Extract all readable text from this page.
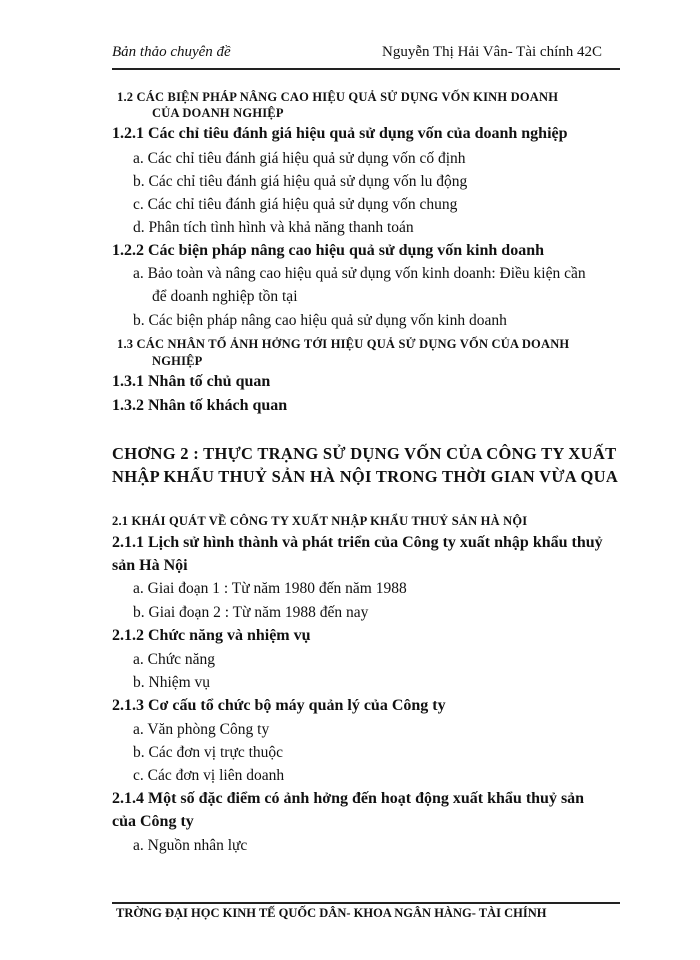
Bản thảo chuyên đề	Nguyễn Thị Hải Vân- Tài chính 42C
1.2 CÁC BIỆN PHÁP NÂNG CAO HIỆU QUẢ SỬ DỤNG VỐN KINH DOANH
CỦA DOANH NGHIỆP
1.2.1 Các chỉ tiêu đánh giá hiệu quả sử dụng vốn của doanh nghiệp
a. Các chỉ tiêu đánh giá hiệu quả sử dụng vốn cố định
b. Các chỉ tiêu đánh giá hiệu quả sử dụng vốn lu động
c. Các chỉ tiêu đánh giá hiệu quả sử dụng vốn chung
d. Phân tích tình hình và khả năng thanh toán
1.2.2 Các biện pháp nâng cao hiệu quả sử dụng vốn kinh doanh
a. Bảo toàn và nâng cao hiệu quả sử dụng vốn kinh doanh: Điều kiện cần
để doanh nghiệp tồn tại
b. Các biện pháp nâng cao hiệu quả sử dụng vốn kinh doanh
1.3 CÁC NHÂN TỐ ẢNH HỞNG TỚI HIỆU QUẢ SỬ DỤNG VỐN CỦA DOANH
NGHIỆP
1.3.1 Nhân tố chủ quan
1.3.2 Nhân tố khách quan
CHƠNG 2 : THỰC TRẠNG SỬ DỤNG VỐN CỦA CÔNG TY XUẤT
NHẬP KHẨU THUỶ SẢN HÀ NỘI TRONG THỜI GIAN VỪA QUA
2.1 KHÁI QUÁT VỀ CÔNG TY XUẤT NHẬP KHẨU THUỶ SẢN HÀ NỘI
2.1.1 Lịch sử hình thành và phát triển của Công ty xuất nhập khẩu thuỷ
sản Hà Nội
a. Giai đoạn 1 : Từ năm 1980 đến năm 1988
b. Giai đoạn 2 : Từ năm 1988 đến nay
2.1.2 Chức năng và nhiệm vụ
a. Chức năng
b. Nhiệm vụ
2.1.3 Cơ cấu tổ chức bộ máy quản lý của Công ty
a. Văn phòng Công ty
b. Các đơn vị trực thuộc
c. Các đơn vị liên doanh
2.1.4 Một số đặc điểm có ảnh hởng đến hoạt động xuất khẩu thuỷ sản
của Công ty
a. Nguồn nhân lực
TRỜNG ĐẠI HỌC KINH TẾ QUỐC DÂN- KHOA NGÂN HÀNG- TÀI CHÍNH
